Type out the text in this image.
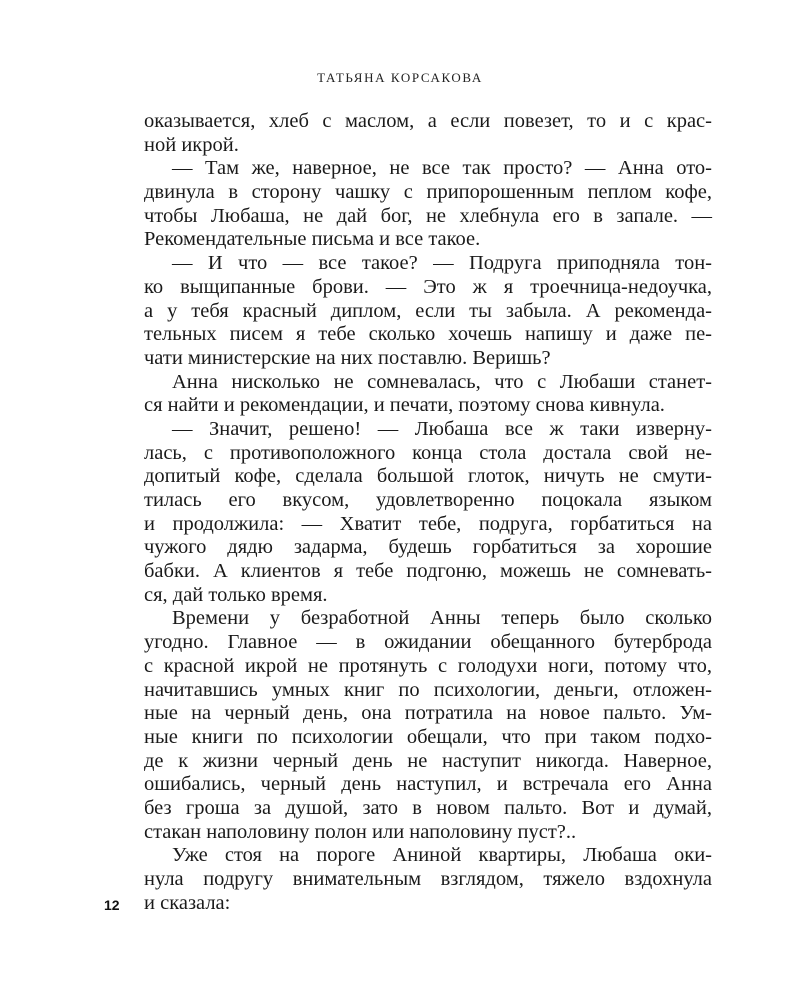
ТАТЬЯНА КОРСАКОВА
оказывается, хлеб с маслом, а если повезет, то и с крас-
ной икрой.
— Там же, наверное, не все так просто? — Анна ото-
двинула в сторону чашку с припорошенным пеплом кофе,
чтобы Любаша, не дай бог, не хлебнула его в запале. —
Рекомендательные письма и все такое.
— И что — все такое? — Подруга приподняла тон-
ко выщипанные брови. — Это ж я троечница-недоучка,
а у тебя красный диплом, если ты забыла. А рекоменда-
тельных писем я тебе сколько хочешь напишу и даже пе-
чати министерские на них поставлю. Веришь?
Анна нисколько не сомневалась, что с Любаши станет-
ся найти и рекомендации, и печати, поэтому снова кивнула.
— Значит, решено! — Любаша все ж таки изверну-
лась, с противоположного конца стола достала свой не-
допитый кофе, сделала большой глоток, ничуть не смути-
тилась его вкусом, удовлетворенно поцокала языком
и продолжила: — Хватит тебе, подруга, горбатиться на
чужого дядю задарма, будешь горбатиться за хорошие
бабки. А клиентов я тебе подгоню, можешь не сомневать-
ся, дай только время.
Времени у безработной Анны теперь было сколько
угодно. Главное — в ожидании обещанного бутерброда
с красной икрой не протянуть с голодухи ноги, потому что,
начитавшись умных книг по психологии, деньги, отложен-
ные на черный день, она потратила на новое пальто. Ум-
ные книги по психологии обещали, что при таком подхо-
де к жизни черный день не наступит никогда. Наверное,
ошибались, черный день наступил, и встречала его Анна
без гроша за душой, зато в новом пальто. Вот и думай,
стакан наполовину полон или наполовину пуст?..
Уже стоя на пороге Аниной квартиры, Любаша оки-
нула подругу внимательным взглядом, тяжело вздохнула
и сказала:
12
